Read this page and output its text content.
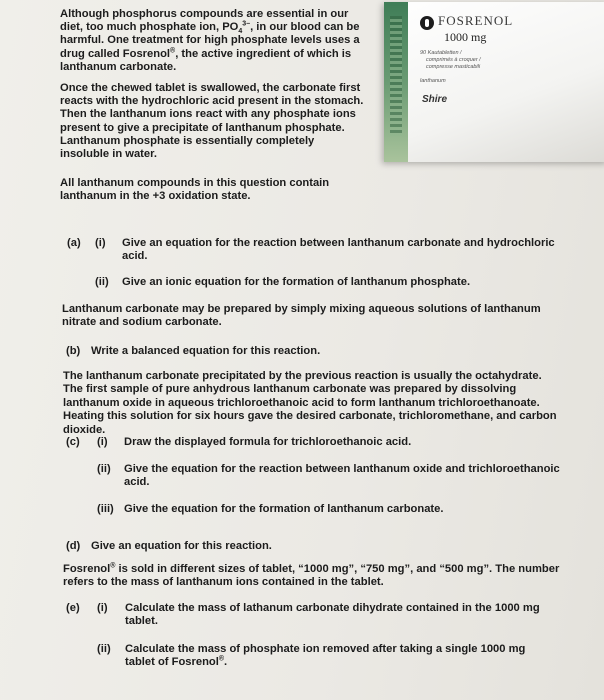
Although phosphorus compounds are essential in our diet, too much phosphate ion, $PO_4^{3-}$, in our blood can be harmful. One treatment for high phosphate levels uses a drug called Fosrenol®, the active ingredient of which is lanthanum carbonate.

Once the chewed tablet is swallowed, the carbonate first reacts with the hydrochloric acid present in the stomach. Then the lanthanum ions react with any phosphate ions present to give a precipitate of lanthanum phosphate. Lanthanum phosphate is essentially completely insoluble in water.

All lanthanum compounds in this question contain lanthanum in the +3 oxidation state.

FOSRENOL
1000 mg
90 Kautabletten /
comprimés à croquer /
compresse masticabili
lanthanum
Shire
(a) (i) Give an equation for the reaction between lanthanum carbonate and hydrochloric acid.
(ii) Give an ionic equation for the formation of lanthanum phosphate.
Lanthanum carbonate may be prepared by simply mixing aqueous solutions of lanthanum nitrate and sodium carbonate.
(b) Write a balanced equation for this reaction.
The lanthanum carbonate precipitated by the previous reaction is usually the octahydrate. The first sample of pure anhydrous lanthanum carbonate was prepared by dissolving lanthanum oxide in aqueous trichloroethanoic acid to form lanthanum trichloroethanoate. Heating this solution for six hours gave the desired carbonate, trichloromethane, and carbon dioxide.
(c) (i) Draw the displayed formula for trichloroethanoic acid.
(ii) Give the equation for the reaction between lanthanum oxide and trichloroethanoic acid.
(iii) Give the equation for the formation of lanthanum carbonate.
(d) Give an equation for this reaction.
Fosrenol® is sold in different sizes of tablet, “1000 mg”, “750 mg”, and “500 mg”. The number refers to the mass of lanthanum ions contained in the tablet.
(e) (i) Calculate the mass of lathanum carbonate dihydrate contained in the 1000 mg tablet.
(ii) Calculate the mass of phosphate ion removed after taking a single 1000 mg tablet of Fosrenol®.
